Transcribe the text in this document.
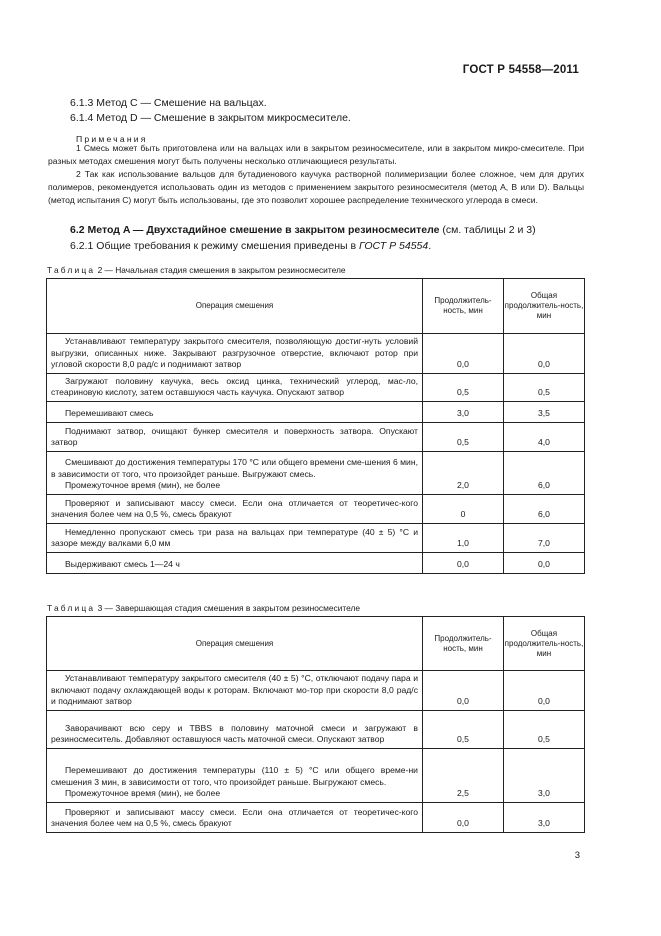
ГОСТ Р 54558—2011
6.1.3 Метод C — Смешение на вальцах.
6.1.4 Метод D — Смешение в закрытом микросмесителе.
Примечания
1 Смесь может быть приготовлена или на вальцах или в закрытом резиносмесителе, или в закрытом микро-смесителе. При разных методах смешения могут быть получены несколько отличающиеся результаты.
2 Так как использование вальцов для бутадиенового каучука растворной полимеризации более сложное, чем для других полимеров, рекомендуется использовать один из методов с применением закрытого резиносмесителя (метод A, B или D). Вальцы (метод испытания C) могут быть использованы, где это позволит хорошее распределение технического углерода в смеси.
6.2 Метод A — Двухстадийное смешение в закрытом резиносмесителе (см. таблицы 2 и 3)
6.2.1 Общие требования к режиму смешения приведены в ГОСТ Р 54554.
Таблица 2 — Начальная стадия смешения в закрытом резиносмесителе
Операция смешения	Продолжитель-ность, мин	Общая продолжитель-ность, мин
Устанавливают температуру закрытого смесителя, позволяющую достиг-нуть условий выгрузки, описанных ниже. Закрывают разгрузочное отверстие, включают ротор при угловой скорости 8,0 рад/с и поднимают затвор	0,0	0,0
Загружают половину каучука, весь оксид цинка, технический углерод, мас-ло, стеариновую кислоту, затем оставшуюся часть каучука. Опускают затвор	0,5	0,5
Перемешивают смесь	3,0	3,5
Поднимают затвор, очищают бункер смесителя и поверхность затвора. Опускают затвор	0,5	4,0
Смешивают до достижения температуры 170 °С или общего времени сме-шения 6 мин, в зависимости от того, что произойдет раньше. Выгружают смесь.
Промежуточное время (мин), не более	2,0	6,0
Проверяют и записывают массу смеси. Если она отличается от теоретичес-кого значения более чем на 0,5 %, смесь бракуют	0	6,0
Немедленно пропускают смесь три раза на вальцах при температуре (40 ± 5) °С и зазоре между валками 6,0 мм	1,0	7,0
Выдерживают смесь 1—24 ч	0,0	0,0
Таблица 3 — Завершающая стадия смешения в закрытом резиносмесителе
Операция смешения	Продолжитель-ность, мин	Общая продолжитель-ность, мин
Устанавливают температуру закрытого смесителя (40 ± 5) °С, отключают подачу пара и включают подачу охлаждающей воды к роторам. Включают мо-тор при скорости 8,0 рад/с и поднимают затвор	0,0	0,0
Заворачивают всю серу и TBBS в половину маточной смеси и загружают в резиносмеситель. Добавляют оставшуюся часть маточной смеси. Опускают затвор	0,5	0,5
Перемешивают до достижения температуры (110 ± 5) °С или общего време-ни смешения 3 мин, в зависимости от того, что произойдет раньше. Выгружают смесь.
Промежуточное время (мин), не более	2,5	3,0
Проверяют и записывают массу смеси. Если она отличается от теоретичес-кого значения более чем на 0,5 %, смесь бракуют	0,0	3,0
3
